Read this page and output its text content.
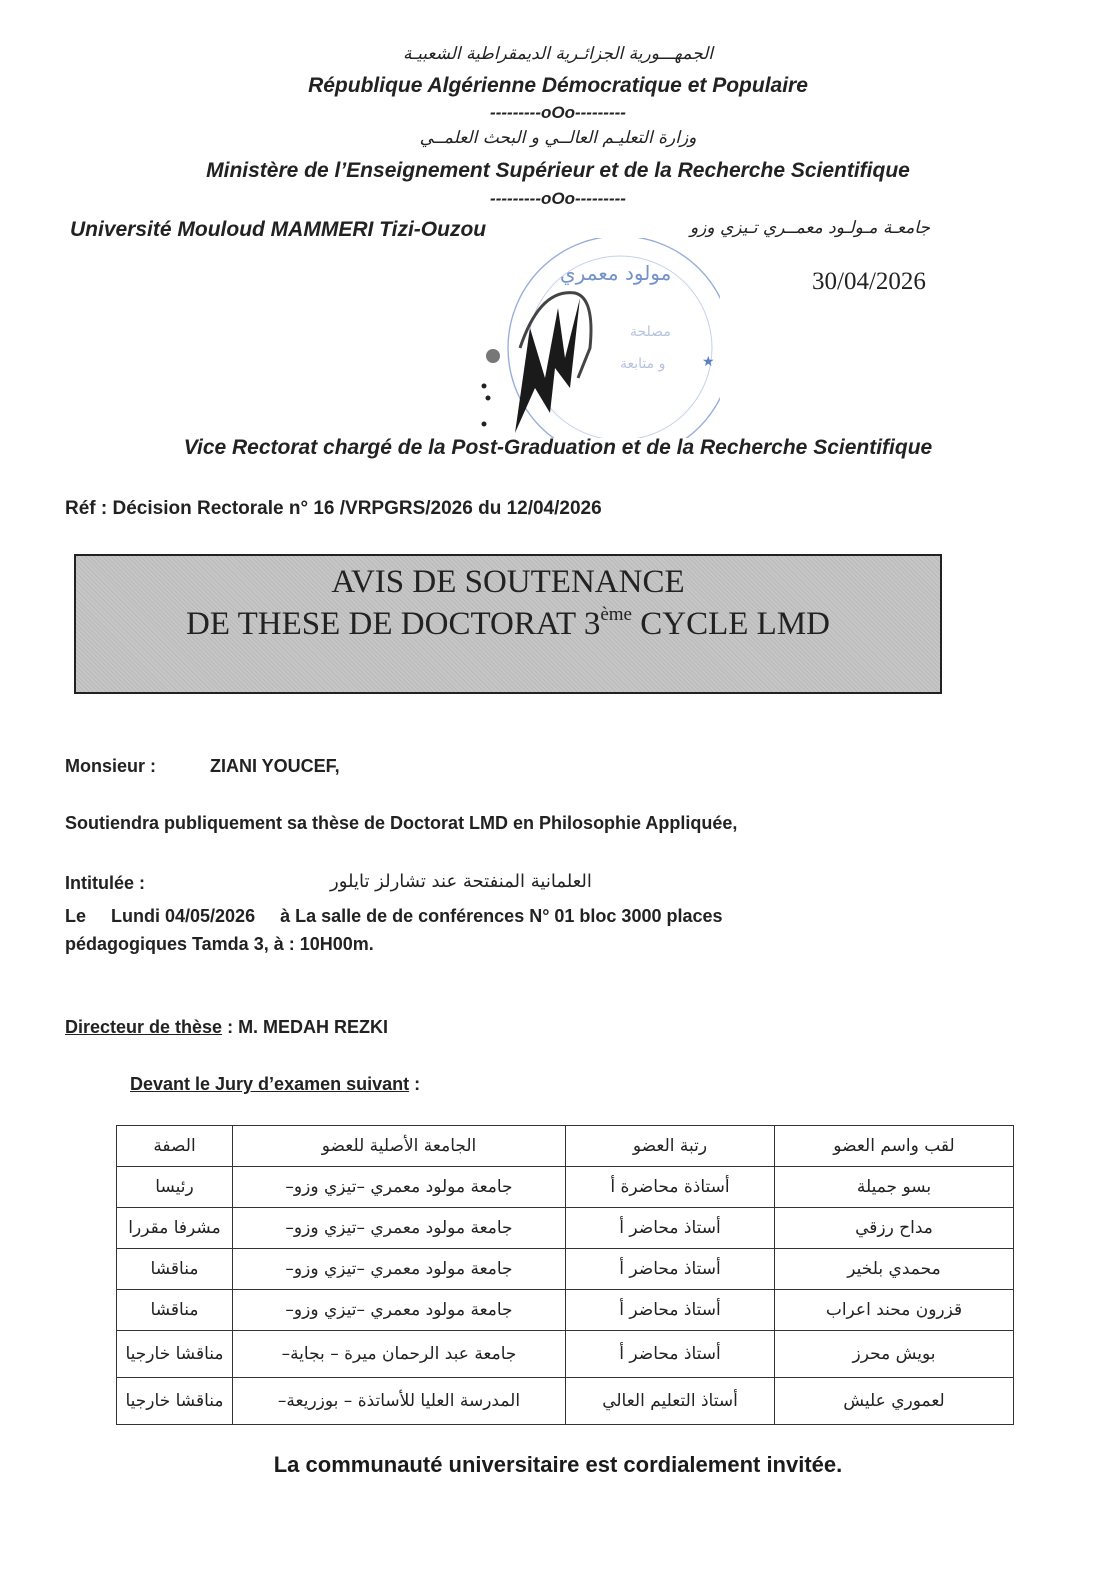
الجمهـــورية الجزائـرية الديمقراطية الشعبيـة
République Algérienne Démocratique et Populaire
---------oOo---------
وزارة التعليـم العالــي و البحث العلمــي
Ministère de l’Enseignement Supérieur et de la Recherche Scientifique
---------oOo---------
Université Mouloud MAMMERI Tizi-Ouzou	جامعـة مـولـود معمــري تـيزي وزو
30/04/2026
مولود معمري
مصلحة
و متابعة	★
Vice Rectorat chargé de la Post-Graduation et de la Recherche Scientifique
Réf : Décision Rectorale n° 16 /VRPGRS/2026 du 12/04/2026
AVIS DE SOUTENANCE
DE THESE DE DOCTORAT 3ème CYCLE LMD
Monsieur :	ZIANI YOUCEF,
Soutiendra publiquement sa thèse de Doctorat LMD en Philosophie Appliquée,
Intitulée :	العلمانية المنفتحة عند تشارلز تايلور
Le     Lundi 04/05/2026     à La salle de de conférences N° 01 bloc 3000 places
pédagogiques Tamda 3, à : 10H00m.
Directeur de thèse : M. MEDAH REZKI
Devant le Jury d’examen suivant :
لقب واسم العضو	رتبة العضو	الجامعة الأصلية للعضو	الصفة
بسو جميلة	أستاذة محاضرة أ	جامعة مولود معمري –تيزي وزو–	رئيسا
مداح رزقي	أستاذ محاضر أ	جامعة مولود معمري –تيزي وزو–	مشرفا مقررا
محمدي بلخير	أستاذ محاضر أ	جامعة مولود معمري –تيزي وزو–	مناقشا
قزرون محند اعراب	أستاذ محاضر أ	جامعة مولود معمري –تيزي وزو–	مناقشا
بويش محرز	أستاذ محاضر أ	جامعة عبد الرحمان ميرة – بجاية–	مناقشا خارجيا
لعموري عليش	أستاذ التعليم العالي	المدرسة العليا للأساتذة – بوزريعة–	مناقشا خارجيا
La communauté universitaire est cordialement invitée.
